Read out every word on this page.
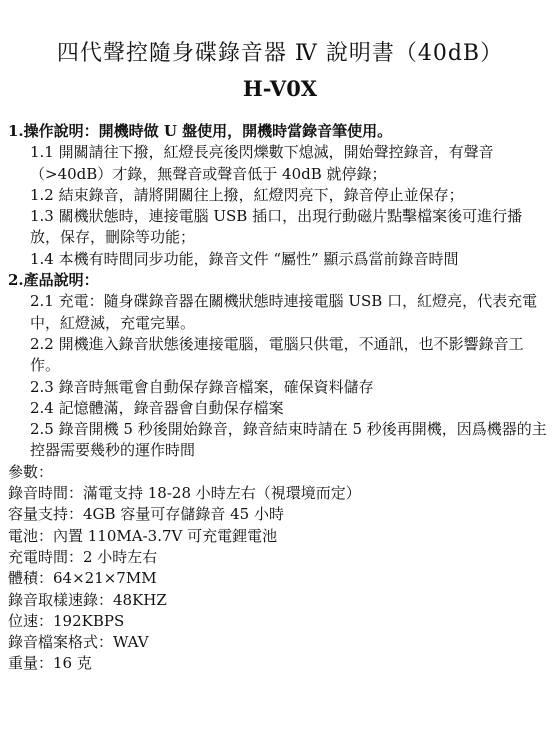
四代聲控隨身碟錄音器 Ⅳ 說明書（40dB）
H-V0X

1.操作說明：開機時做 U 盤使用，開機時當錄音筆使用。

1.1 開關請往下撥，紅燈長亮後閃爍數下熄滅，開始聲控錄音，有聲音（>40dB）才錄，無聲音或聲音低于 40dB 就停錄；

1.2 結束錄音，請將開關往上撥，紅燈閃亮下，錄音停止並保存；

1.3 關機狀態時，連接電腦 USB 插口，出現行動磁片點擊檔案後可進行播放，保存，刪除等功能；

1.4 本機有時間同步功能，錄音文件 “屬性” 顯示爲當前錄音時間

2.產品說明：

2.1 充電：隨身碟錄音器在關機狀態時連接電腦 USB 口，紅燈亮，代表充電中，紅燈滅，充電完畢。

2.2 開機進入錄音狀態後連接電腦，電腦只供電，不通訊，也不影響錄音工作。

2.3 錄音時無電會自動保存錄音檔案，確保資料儲存

2.4 記憶體滿，錄音器會自動保存檔案

2.5 錄音開機 5 秒後開始錄音，錄音結束時請在 5 秒後再開機，因爲機器的主控器需要幾秒的運作時間

參數：

錄音時間：滿電支持 18-28 小時左右（視環境而定）

容量支持：4GB 容量可存儲錄音 45 小時

電池：內置 110MA-3.7V 可充電鋰電池

充電時間：2 小時左右

體積：64×21×7MM

錄音取樣速錄：48KHZ

位速：192KBPS

錄音檔案格式：WAV

重量：16 克
